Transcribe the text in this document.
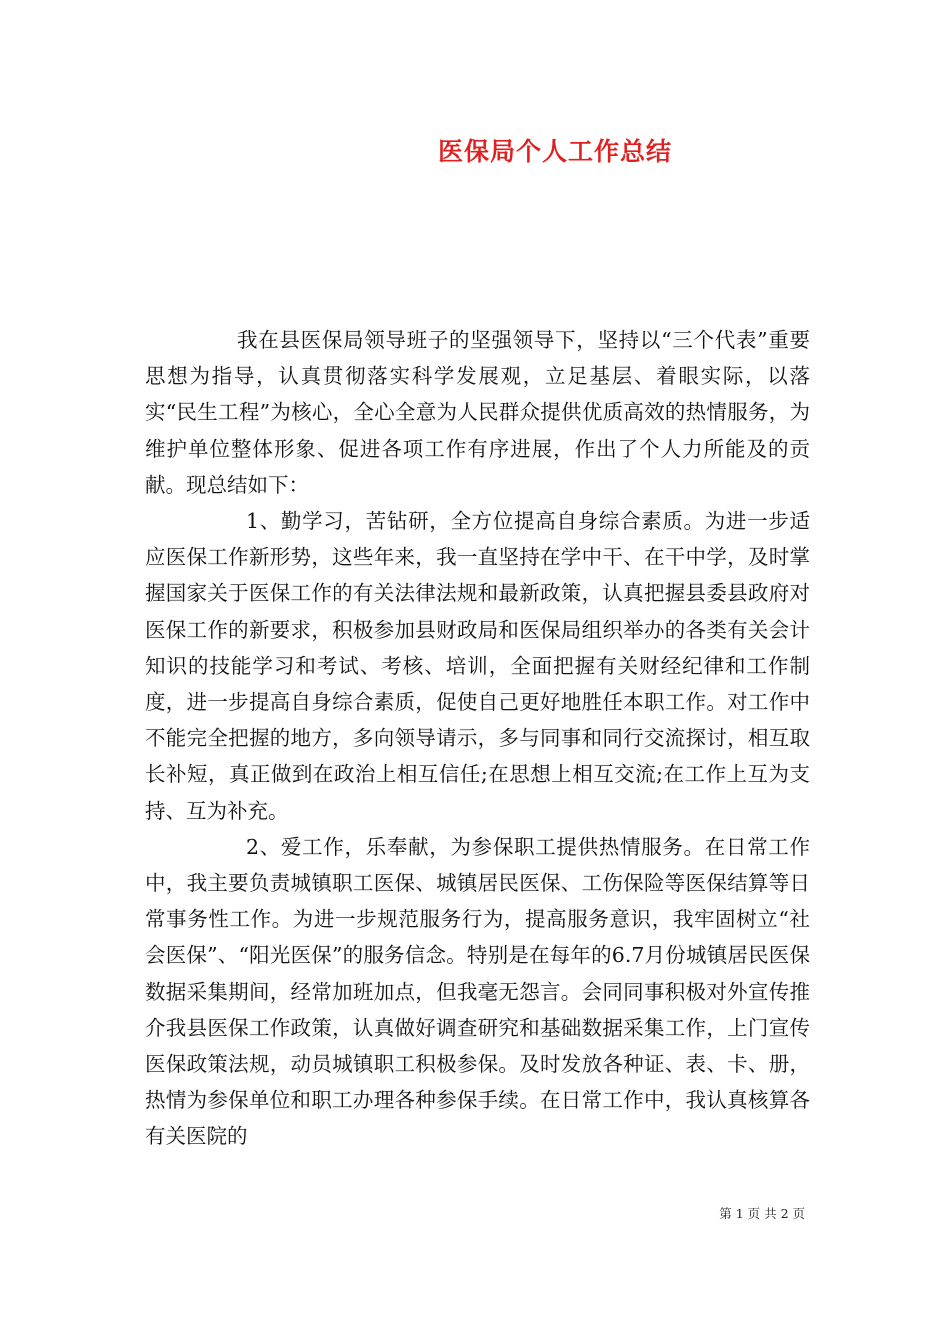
医保局个人工作总结

我在县医保局领导班子的坚强领导下，坚持以“三个代表”重要思想为指导，认真贯彻落实科学发展观，立足基层、着眼实际，以落实“民生工程”为核心，全心全意为人民群众提供优质高效的热情服务，为维护单位整体形象、促进各项工作有序进展，作出了个人力所能及的贡献。现总结如下：

1、勤学习，苦钻研，全方位提高自身综合素质。为进一步适应医保工作新形势，这些年来，我一直坚持在学中干、在干中学，及时掌握国家关于医保工作的有关法律法规和最新政策，认真把握县委县政府对医保工作的新要求，积极参加县财政局和医保局组织举办的各类有关会计知识的技能学习和考试、考核、培训，全面把握有关财经纪律和工作制度，进一步提高自身综合素质，促使自己更好地胜任本职工作。对工作中不能完全把握的地方，多向领导请示，多与同事和同行交流探讨，相互取长补短，真正做到在政治上相互信任;在思想上相互交流;在工作上互为支持、互为补充。

2、爱工作，乐奉献，为参保职工提供热情服务。在日常工作中，我主要负责城镇职工医保、城镇居民医保、工伤保险等医保结算等日常事务性工作。为进一步规范服务行为，提高服务意识，我牢固树立“社会医保”、“阳光医保”的服务信念。特别是在每年的6.7月份城镇居民医保数据采集期间，经常加班加点，但我毫无怨言。会同同事积极对外宣传推介我县医保工作政策，认真做好调查研究和基础数据采集工作，上门宣传医保政策法规，动员城镇职工积极参保。及时发放各种证、表、卡、册，热情为参保单位和职工办理各种参保手续。在日常工作中，我认真核算各有关医院的

第 1 页 共 2 页
